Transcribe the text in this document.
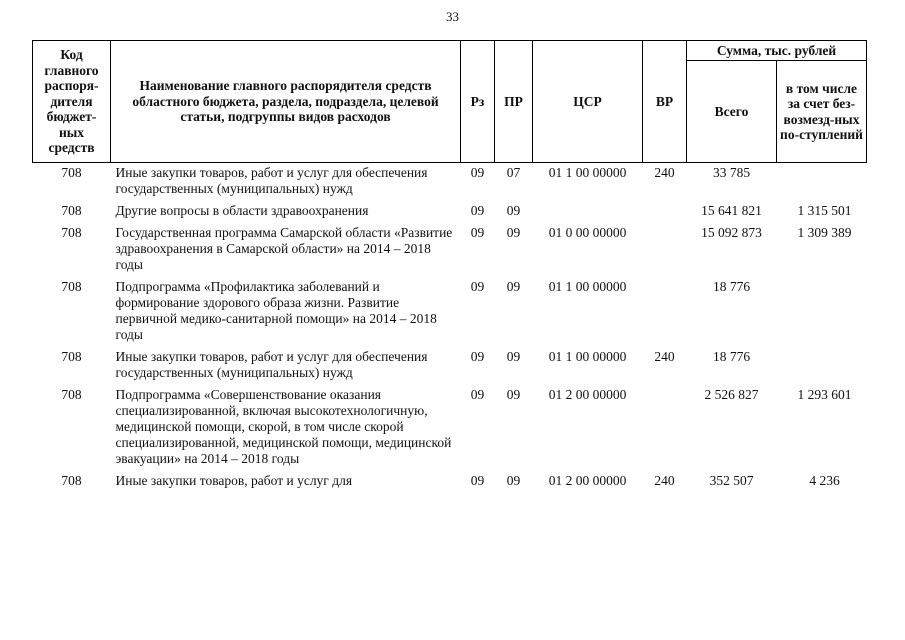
33
Код главного распоря-дителя бюджет-ных средств	Наименование главного распорядителя средств областного бюджета, раздела, подраздела, целевой статьи, подгруппы видов расходов	Рз	ПР	ЦСР	ВР	Сумма, тыс. рублей	
						Всего	в том числе за счет без-возмезд-ных по-ступлений
708	Иные закупки товаров, работ и услуг для обеспечения государственных (муниципальных) нужд	09	07	01 1 00 00000	240	33 785	
708	Другие вопросы в области здравоохранения	09	09			15 641 821	1 315 501
708	Государственная программа Самарской области «Развитие здравоохранения в Самарской области» на 2014 – 2018 годы	09	09	01 0 00 00000		15 092 873	1 309 389
708	Подпрограмма «Профилактика заболеваний и формирование здорового образа жизни. Развитие первичной медико-санитарной помощи» на 2014 – 2018 годы	09	09	01 1 00 00000		18 776	
708	Иные закупки товаров, работ и услуг для обеспечения государственных (муниципальных) нужд	09	09	01 1 00 00000	240	18 776	
708	Подпрограмма «Совершенствование оказания специализированной, включая высокотехнологичную, медицинской помощи, скорой, в том числе скорой специализированной, медицинской помощи, медицинской эвакуации» на 2014 – 2018 годы	09	09	01 2 00 00000		2 526 827	1 293 601
708	Иные закупки товаров, работ и услуг для	09	09	01 2 00 00000	240	352 507	4 236
